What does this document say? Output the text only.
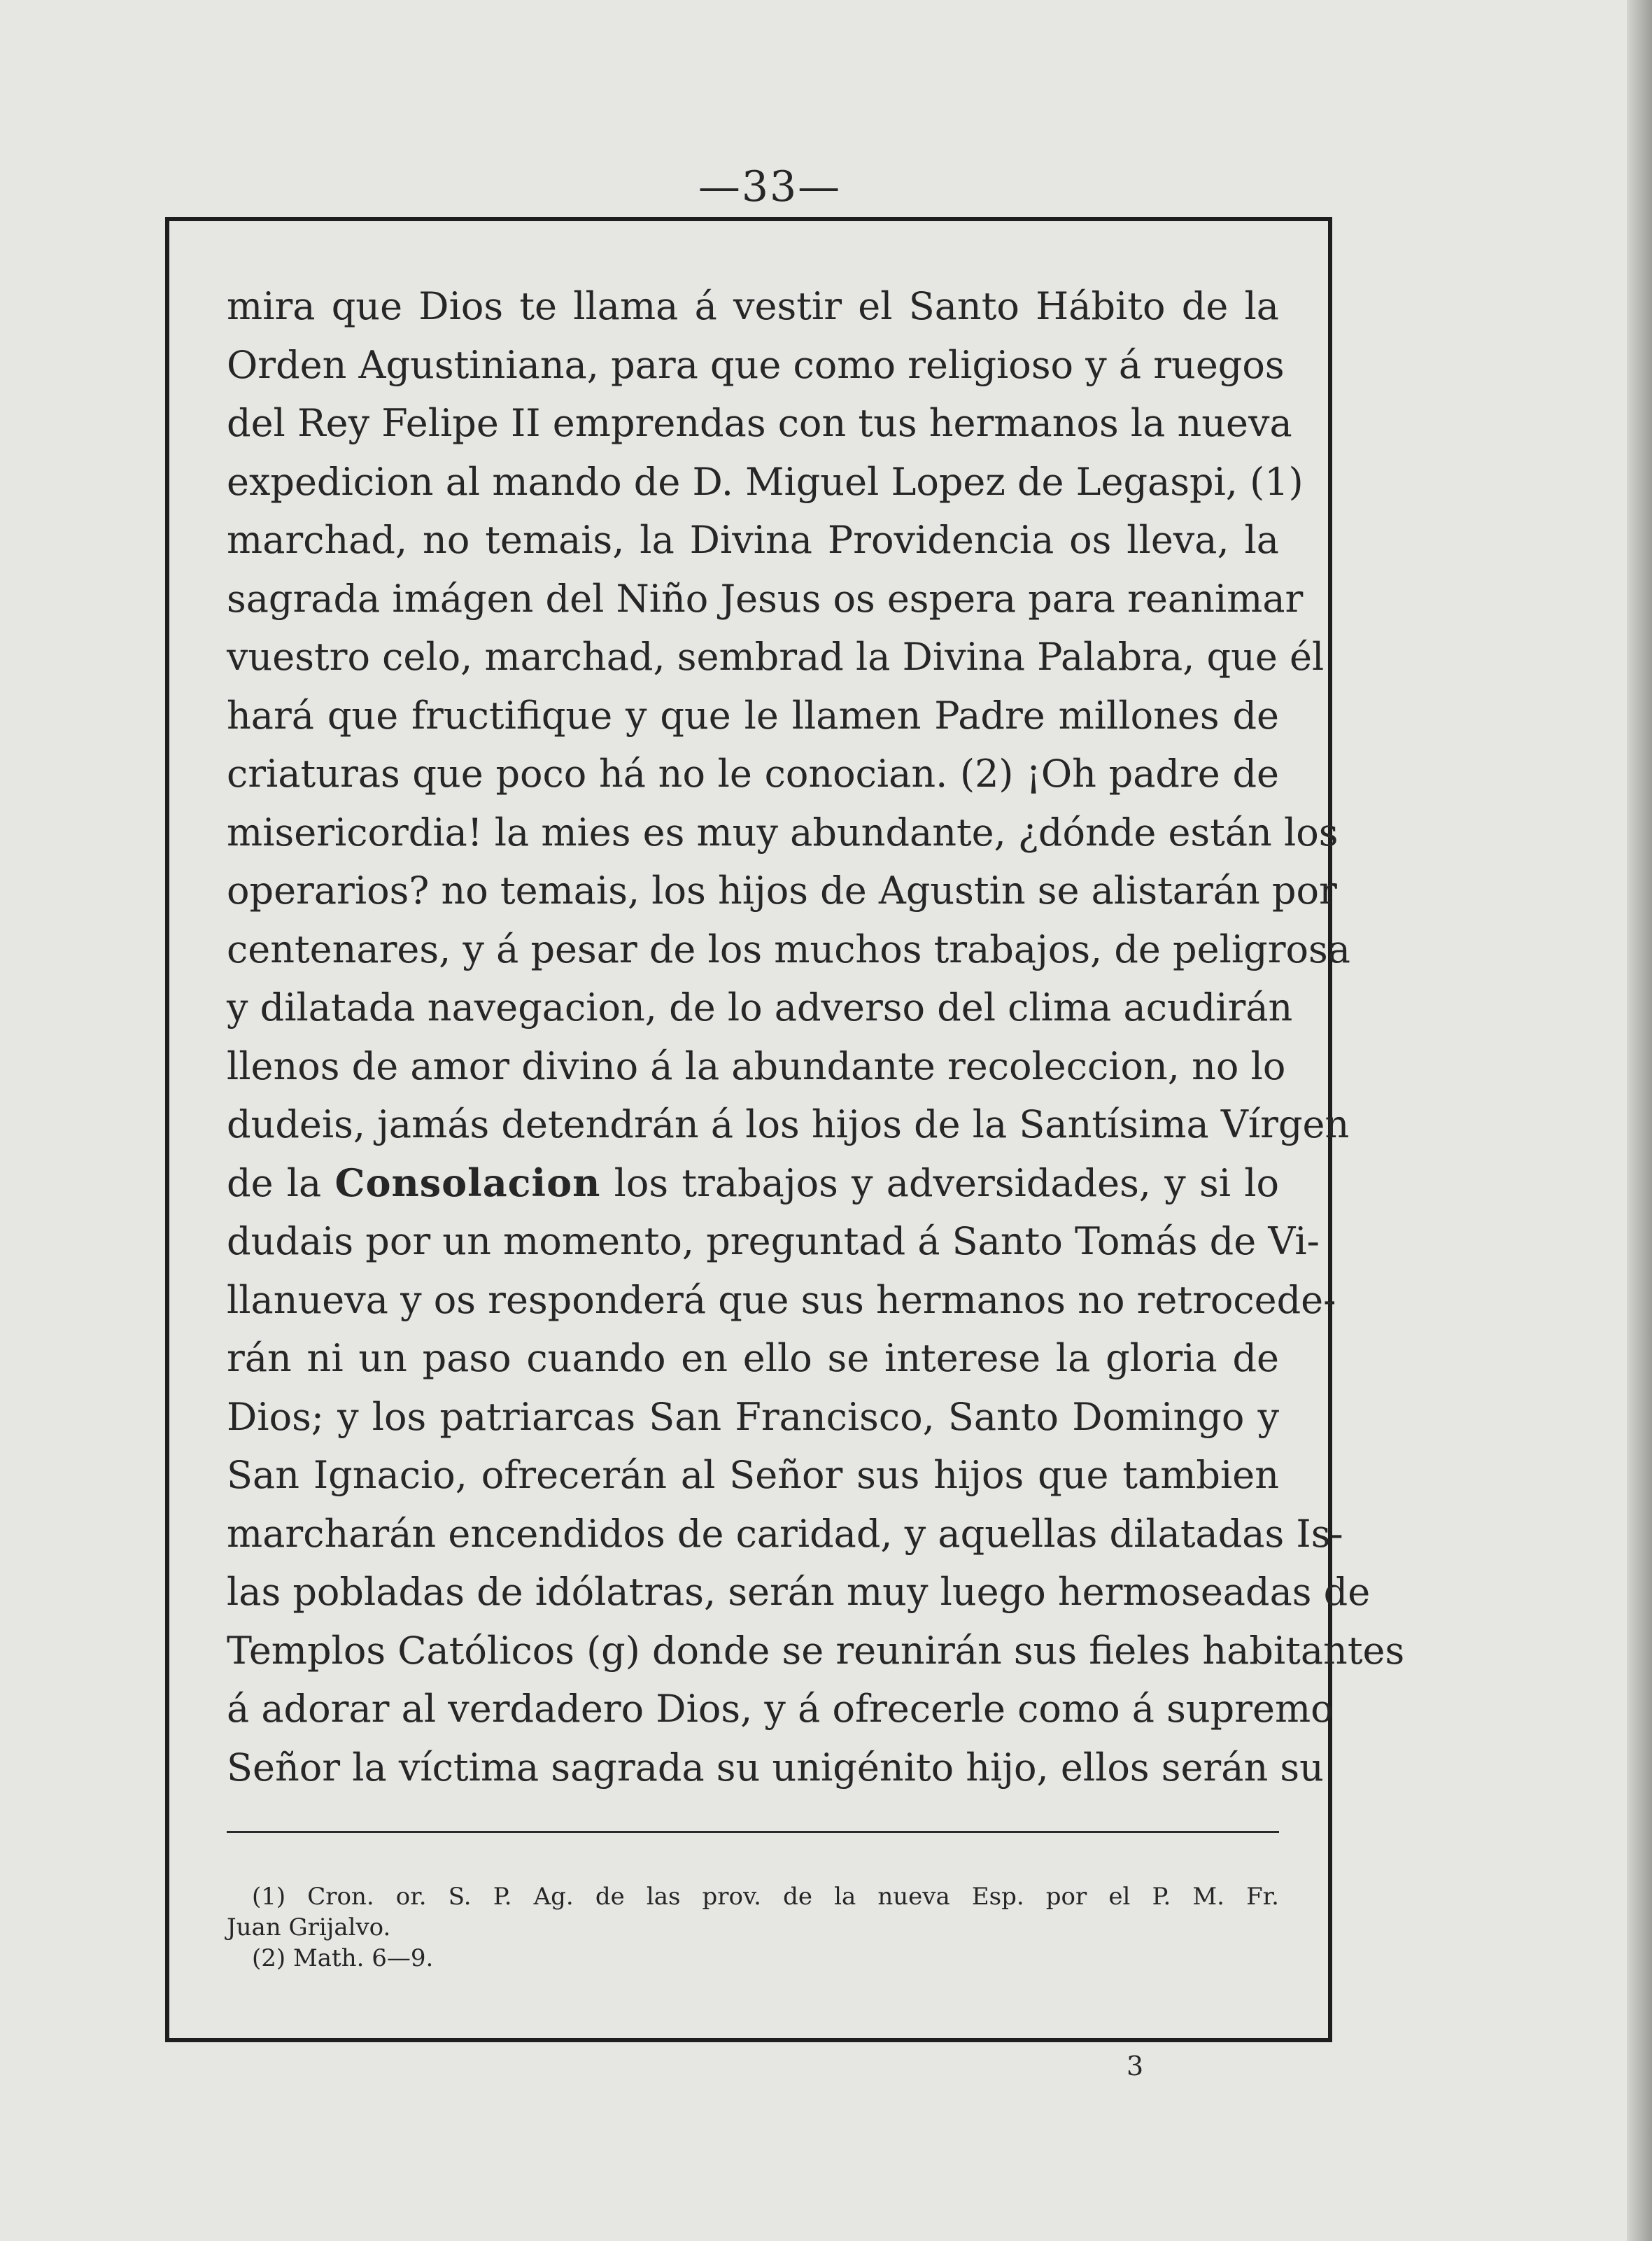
—33—
mira que Dios te llama á vestir el Santo Hábito de la
Orden Agustiniana, para que como religioso y á ruegos
del Rey Felipe II emprendas con tus hermanos la nueva
expedicion al mando de D. Miguel Lopez de Legaspi, (1)
marchad, no temais, la Divina Providencia os lleva, la
sagrada imágen del Niño Jesus os espera para reanimar
vuestro celo, marchad, sembrad la Divina Palabra, que él
hará que fructifique y que le llamen Padre millones de
criaturas que poco há no le conocian. (2) ¡Oh padre de
misericordia! la mies es muy abundante, ¿dónde están los
operarios? no temais, los hijos de Agustin se alistarán por
centenares, y á pesar de los muchos trabajos, de peligrosa
y dilatada navegacion, de lo adverso del clima acudirán
llenos de amor divino á la abundante recoleccion, no lo
dudeis, jamás detendrán á los hijos de la Santísima Vírgen
de la Consolacion los trabajos y adversidades, y si lo
dudais por un momento, preguntad á Santo Tomás de Vi-
llanueva y os responderá que sus hermanos no retrocede-
rán ni un paso cuando en ello se interese la gloria de
Dios; y los patriarcas San Francisco, Santo Domingo y
San Ignacio, ofrecerán al Señor sus hijos que tambien
marcharán encendidos de caridad, y aquellas dilatadas Is-
las pobladas de idólatras, serán muy luego hermoseadas de
Templos Católicos (g) donde se reunirán sus fieles habitantes
á adorar al verdadero Dios, y á ofrecerle como á supremo
Señor la víctima sagrada su unigénito hijo, ellos serán su
(1) Cron. or. S. P. Ag. de las prov. de la nueva Esp. por el P. M. Fr.
Juan Grijalvo.
(2) Math. 6—9.
3
